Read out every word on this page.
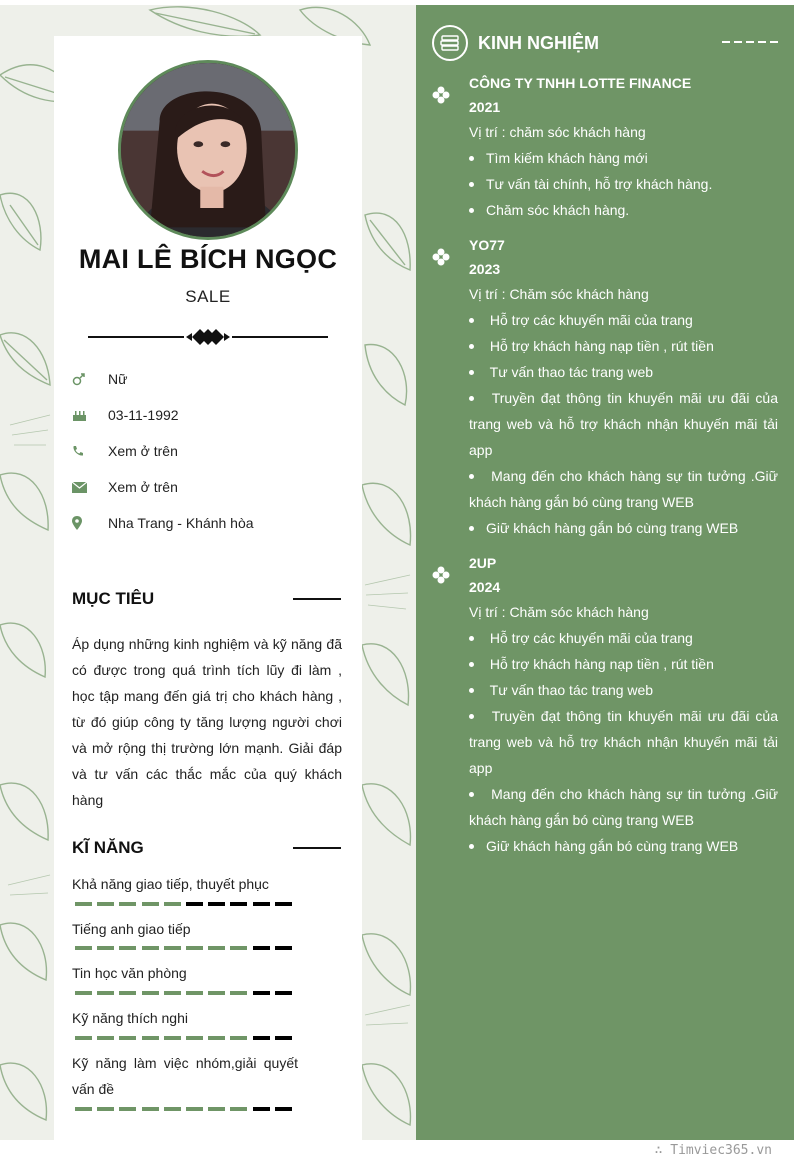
MAI LÊ BÍCH NGỌC
SALE
Nữ
03-11-1992
Xem ở trên
Xem ở trên
Nha Trang - Khánh hòa
MỤC TIÊU
Áp dụng những kinh nghiệm và kỹ năng đã có được trong quá trình tích lũy đi làm , học tập mang đến giá trị cho khách hàng , từ đó giúp công ty tăng lượng người chơi và mở rộng thị trường lớn mạnh. Giải đáp và tư vấn các thắc mắc của quý khách hàng
KĨ NĂNG
Khả năng giao tiếp, thuyết phục
Tiếng anh giao tiếp
Tin học văn phòng
Kỹ năng thích nghi
Kỹ năng làm việc nhóm,giải quyết vấn đề
KINH NGHIỆM
CÔNG TY TNHH LOTTE FINANCE
2021
Vị trí : chăm sóc khách hàng
Tìm kiếm khách hàng mới
Tư vấn tài chính, hỗ trợ khách hàng.
Chăm sóc khách hàng.
YO77
2023
Vị trí : Chăm sóc khách hàng
Hỗ trợ các khuyến mãi của trang
Hỗ trợ khách hàng nạp tiền , rút tiền
Tư vấn thao tác trang web
Truyền đạt thông tin khuyến mãi ưu đãi của trang web và hỗ trợ khách nhận khuyến mãi tải app
Mang đến cho khách hàng sự tin tưởng .Giữ khách hàng gắn bó cùng trang WEB
Giữ khách hàng gắn bó cùng trang WEB
2UP
2024
Vị trí : Chăm sóc khách hàng
Hỗ trợ các khuyến mãi của trang
Hỗ trợ khách hàng nạp tiền , rút tiền
Tư vấn thao tác trang web
Truyền đạt thông tin khuyến mãi ưu đãi của trang web và hỗ trợ khách nhận khuyến mãi tải app
Mang đến cho khách hàng sự tin tưởng .Giữ khách hàng gắn bó cùng trang WEB
Giữ khách hàng gắn bó cùng trang WEB
∴ Timviec365.vn
